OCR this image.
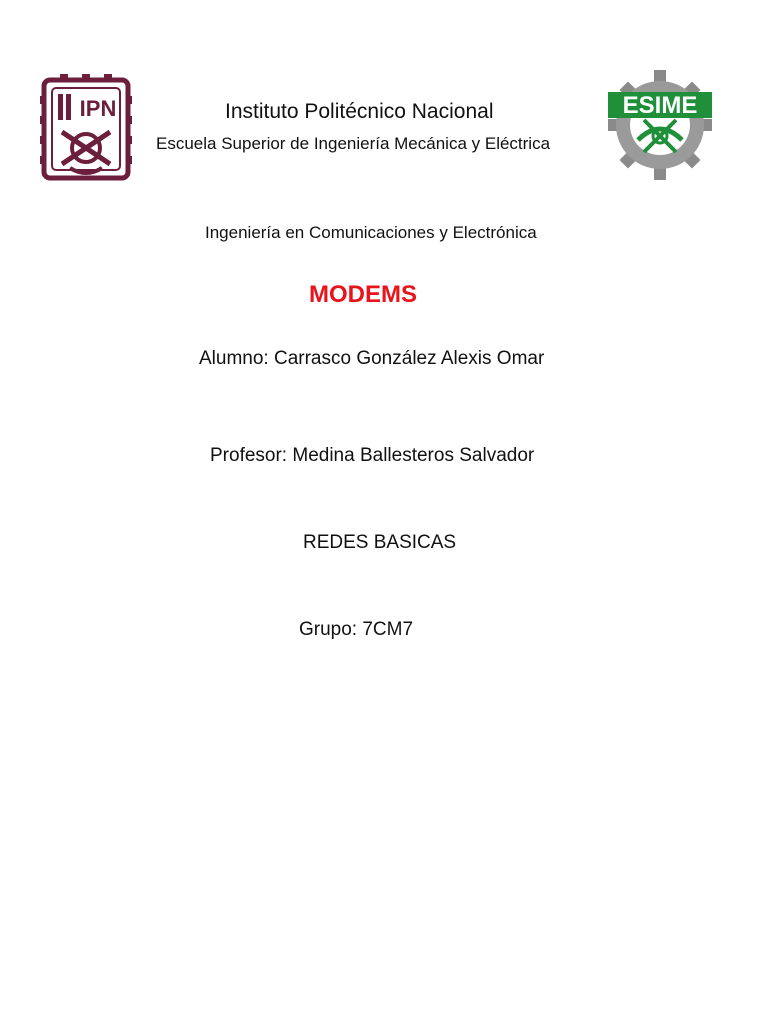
IPN	ESIME
Instituto Politécnico Nacional
Escuela Superior de Ingeniería Mecánica y Eléctrica
Ingeniería en Comunicaciones y Electrónica
MODEMS
Alumno: Carrasco González Alexis Omar
Profesor: Medina Ballesteros Salvador
REDES BASICAS
Grupo: 7CM7
